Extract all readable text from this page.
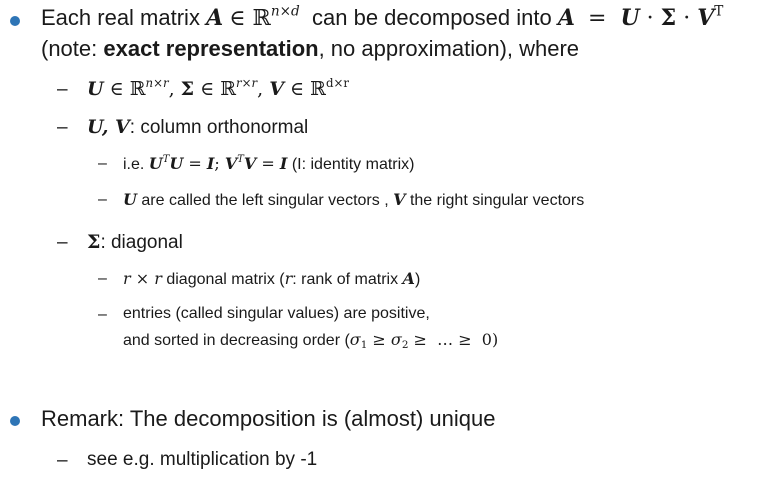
Each real matrix A ∈ ℝ$^{n\times d}$ can be decomposed into $A = U \cdot \Sigma \cdot V^T$
(note: exact representation, no approximation), where
– U ∈ ℝ$^{n\times r}$, Σ ∈ ℝ$^{r\times r}$, V ∈ ℝ$^{d\times r}$
– U, V: column orthonormal
– i.e. $U^TU = I$; $V^TV = I$ (I: identity matrix)
– U are called the left singular vectors , V the right singular vectors
– Σ: diagonal
– r × r diagonal matrix (r: rank of matrix A)
– entries (called singular values) are positive,
and sorted in decreasing order ($\sigma_1 \ge \sigma_2$ ≥  … ≥  0)
Remark: The decomposition is (almost) unique
– see e.g. multiplication by -1
